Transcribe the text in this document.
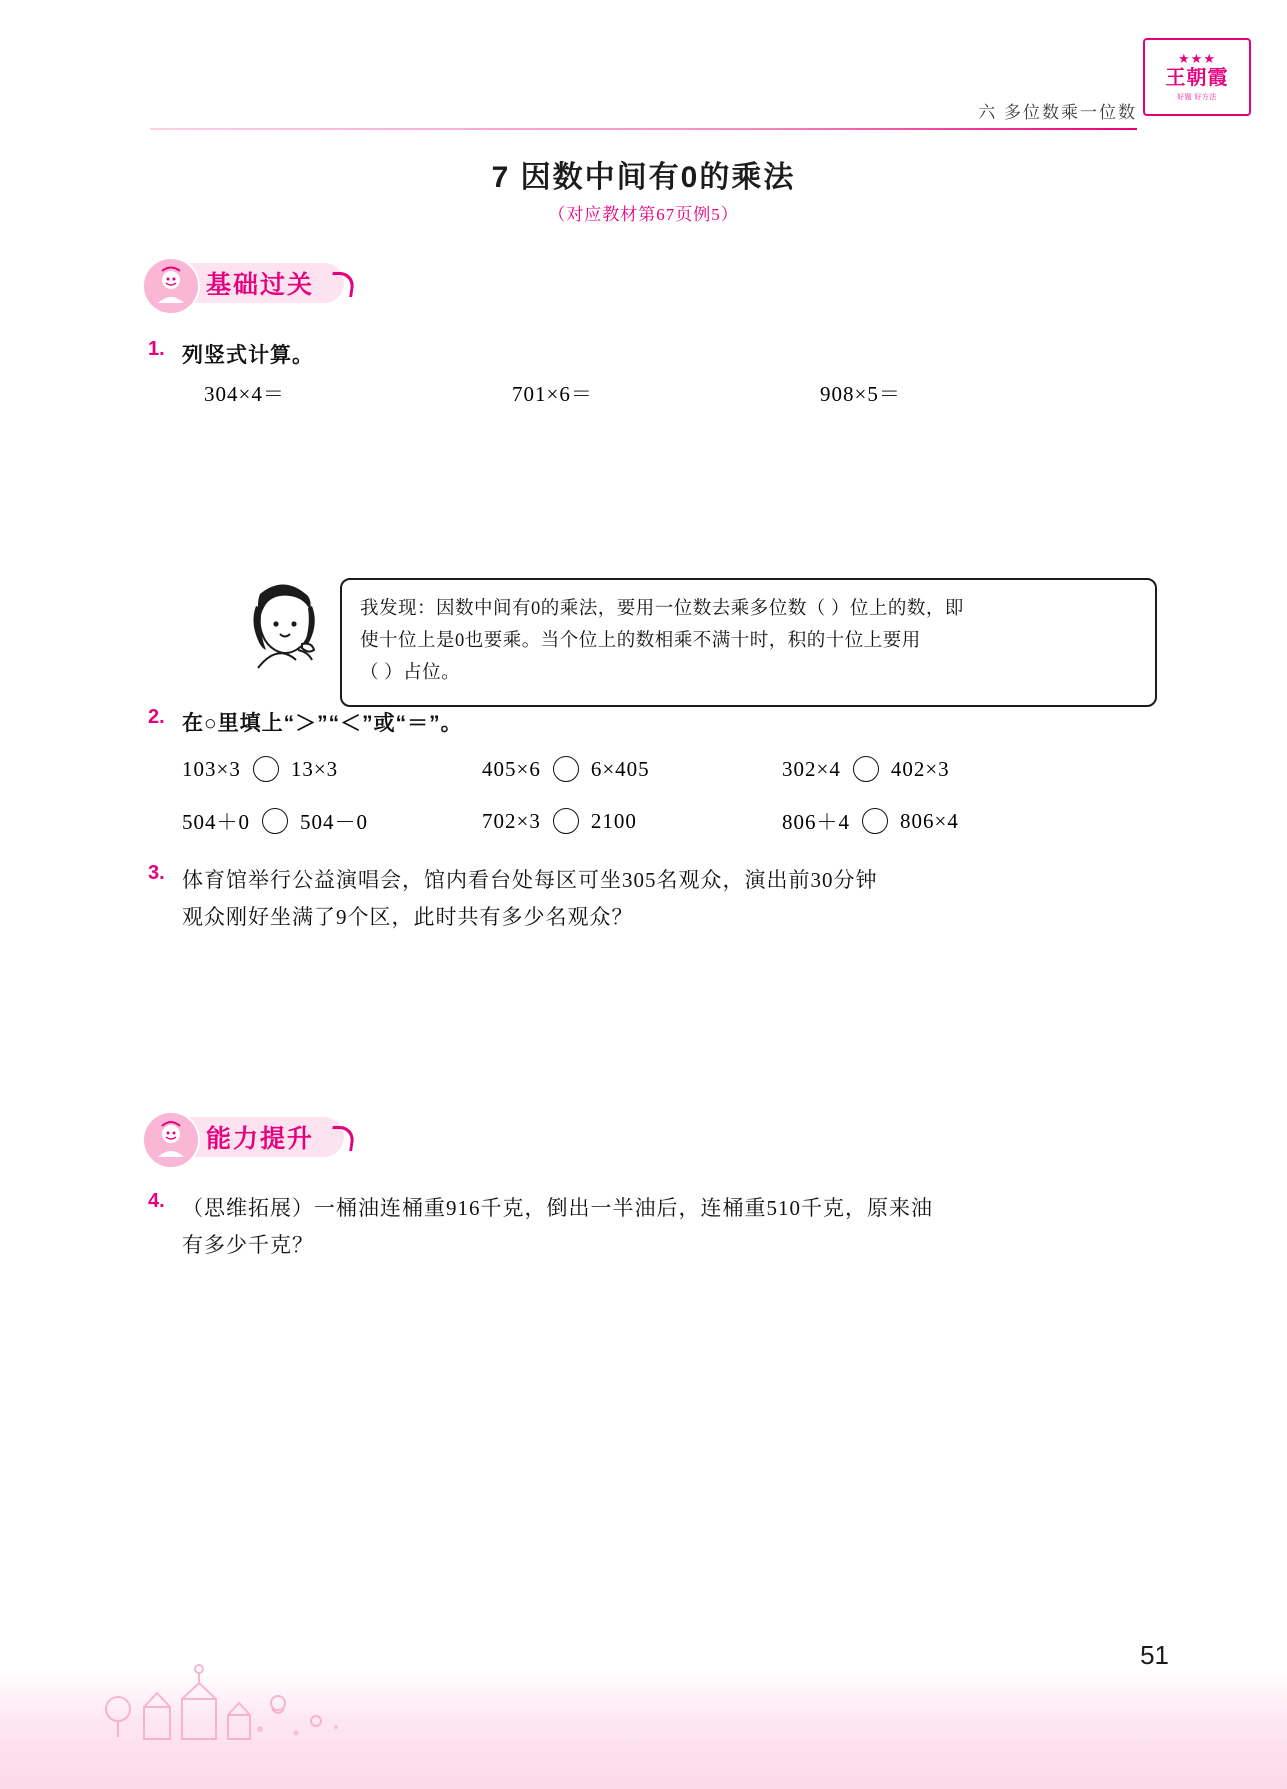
★★★
王朝霞
好题 好方法
六 多位数乘一位数
7 因数中间有0的乘法
（对应教材第67页例5）
基础过关
1. 列竖式计算。
304×4＝	701×6＝	908×5＝
我发现：因数中间有0的乘法，要用一位数去乘多位数（ ）位上的数，即
使十位上是0也要乘。当个位上的数相乘不满十时，积的十位上要用
（ ）占位。
2. 在○里填上“＞”“＜”或“＝”。
103×3 13×3	405×6 6×405	302×4 402×3
504＋0 504－0	702×3 2100	806＋4 806×4
3. 体育馆举行公益演唱会，馆内看台处每区可坐305名观众，演出前30分钟
观众刚好坐满了9个区，此时共有多少名观众？
能力提升
4. （思维拓展）一桶油连桶重916千克，倒出一半油后，连桶重510千克，原来油
有多少千克？
51
